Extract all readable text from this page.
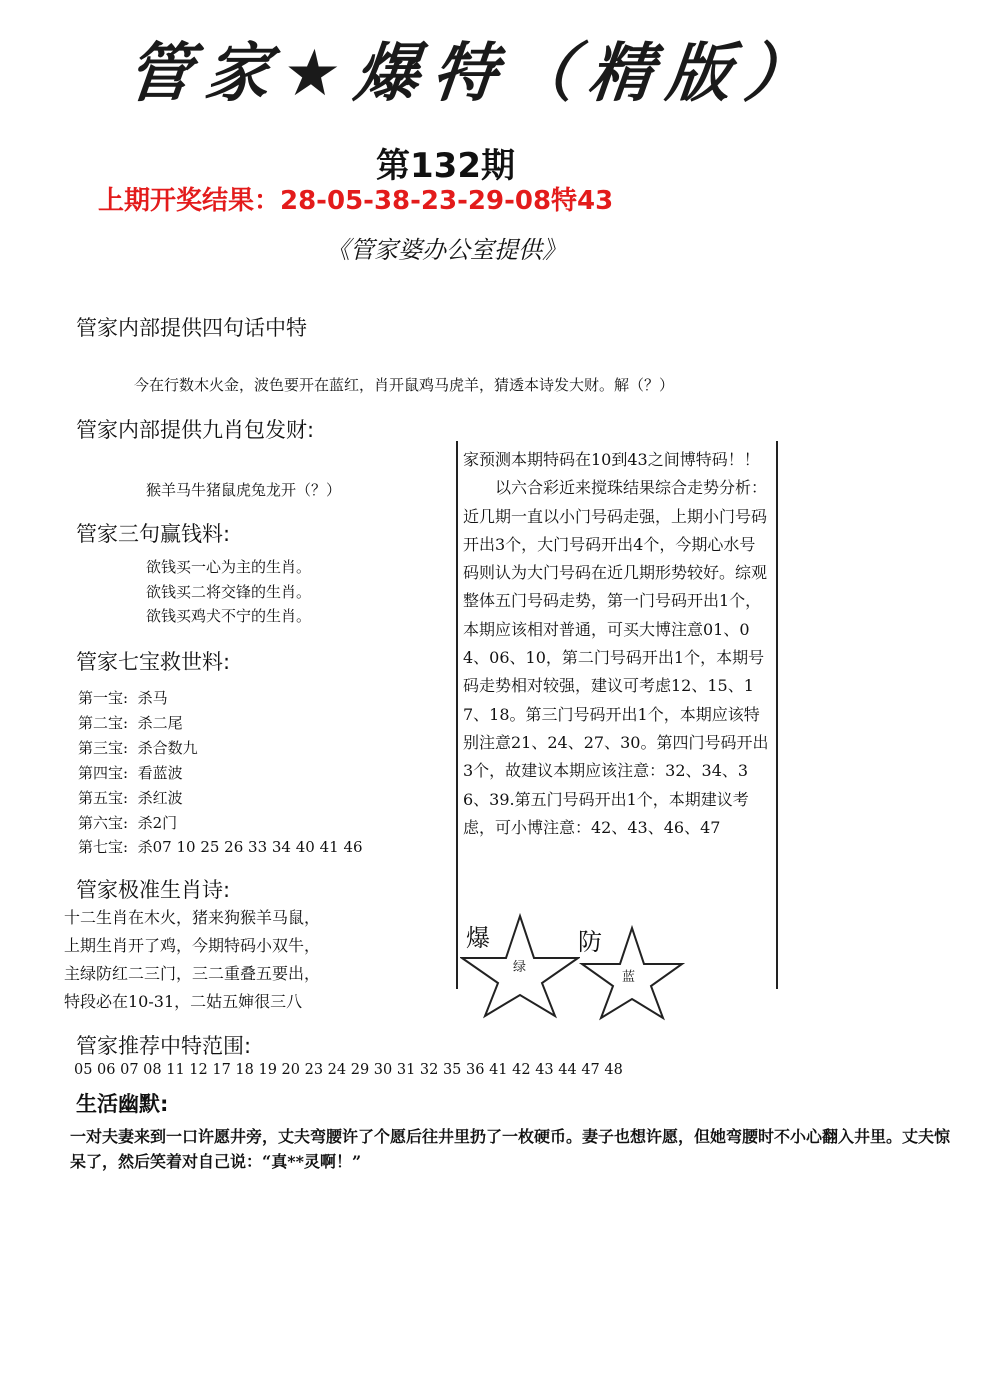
管家★爆特（精版）
第132期
上期开奖结果：28-05-38-23-29-08特43
《管家婆办公室提供》
管家内部提供四句话中特
今在行数木火金，波色要开在蓝红，肖开鼠鸡马虎羊，猜透本诗发大财。解（？）
管家内部提供九肖包发财:
猴羊马牛猪鼠虎兔龙开（？）
管家三句赢钱料:
欲钱买一心为主的生肖。
欲钱买二将交锋的生肖。
欲钱买鸡犬不宁的生肖。
管家七宝救世料:
第一宝: 杀马
第二宝: 杀二尾
第三宝: 杀合数九
第四宝: 看蓝波
第五宝: 杀红波
第六宝: 杀2门
第七宝: 杀07 10 25 26 33 34 40 41 46
管家极准生肖诗:
十二生肖在木火，猪来狗猴羊马鼠，
上期生肖开了鸡，今期特码小双牛，
主绿防红二三门，三二重叠五要出，
特段必在10-31，二姑五婶很三八

家预测本期特码在10到43之间博特码！！

　　以六合彩近来搅珠结果综合走势分析：近几期一直以小门号码走强，上期小门号码开出3个，大门号码开出4个，今期心水号码则认为大门号码在近几期形势较好。综观整体五门号码走势，第一门号码开出1个，本期应该相对普通，可买大博注意01、04、06、10，第二门号码开出1个，本期号码走势相对较强，建议可考虑12、15、17、18。第三门号码开出1个，本期应该特别注意21、24、27、30。第四门号码开出3个，故建议本期应该注意：32、34、36、39.第五门号码开出1个，本期建议考虑，可小博注意：42、43、46、47

爆
绿
防
蓝
管家推荐中特范围:
05 06 07 08 11 12 17 18 19 20 23 24 29 30 31 32 35 36 41 42 43 44 47 48
生活幽默:
一对夫妻来到一口许愿井旁，丈夫弯腰许了个愿后往井里扔了一枚硬币。妻子也想许愿，但她弯腰时不小心翻入井里。丈夫惊呆了，然后笑着对自己说：“真**灵啊！”
